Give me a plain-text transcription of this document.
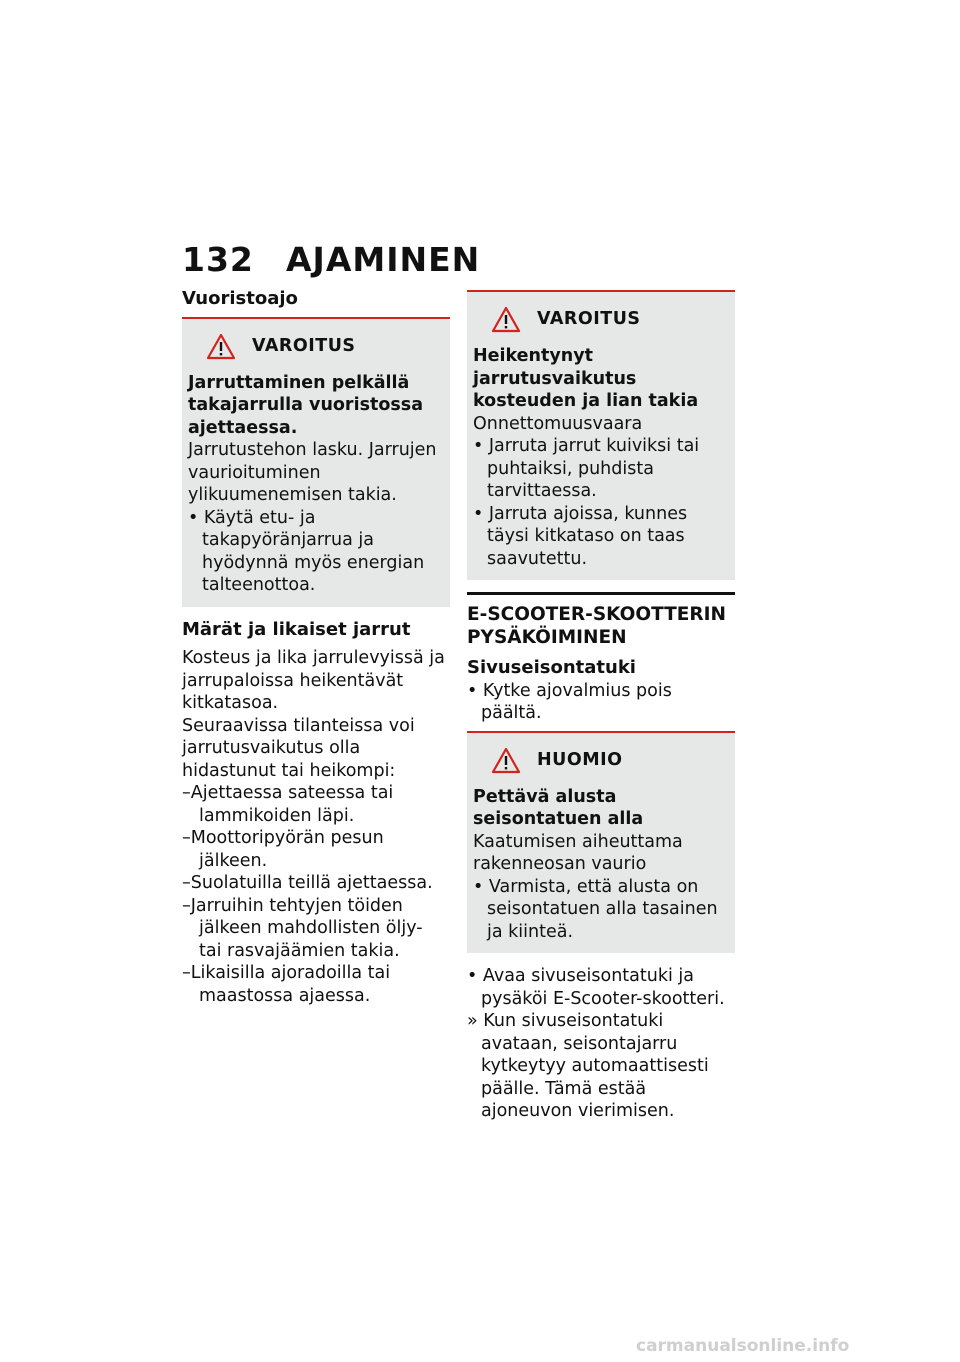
132 AJAMINEN
Vuoristoajo
VAROITUS
Jarruttaminen pelkällä takajarrulla vuoristossa ajettaessa.
Jarrutustehon lasku. Jarrujen vaurioituminen ylikuumenemisen takia.
• Käytä etu- ja takapyöränjarrua ja hyödynnä myös energian talteenottoa.
Märät ja likaiset jarrut

Kosteus ja lika jarrulevyissä ja jarrupaloissa heikentävät kitkatasoa.

Seuraavissa tilanteissa voi jarrutusvaikutus olla hidastunut tai heikompi:

–Ajettaessa sateessa tai lammikoiden läpi.
–Moottoripyörän pesun jälkeen.
–Suolatuilla teillä ajettaessa.
–Jarruihin tehtyjen töiden jälkeen mahdollisten öljy- tai rasvajäämien takia.
–Likaisilla ajoradoilla tai maastossa ajaessa.
VAROITUS
Heikentynyt jarrutusvaikutus kosteuden ja lian takia
Onnettomuusvaara
• Jarruta jarrut kuiviksi tai puhtaiksi, puhdista tarvittaessa.
• Jarruta ajoissa, kunnes täysi kitkataso on taas saavutettu.
E-SCOOTER-SKOOTTERIN PYSÄKÖIMINEN
Sivuseisontatuki
• Kytke ajovalmius pois päältä.
HUOMIO
Pettävä alusta seisontatuen alla
Kaatumisen aiheuttama rakenneosan vaurio
• Varmista, että alusta on seisontatuen alla tasainen ja kiinteä.
• Avaa sivuseisontatuki ja pysäköi E-Scooter-skootteri.
» Kun sivuseisontatuki avataan, seisontajarru kytkeytyy automaattisesti päälle. Tämä estää ajoneuvon vierimisen.
carmanualsonline.info
